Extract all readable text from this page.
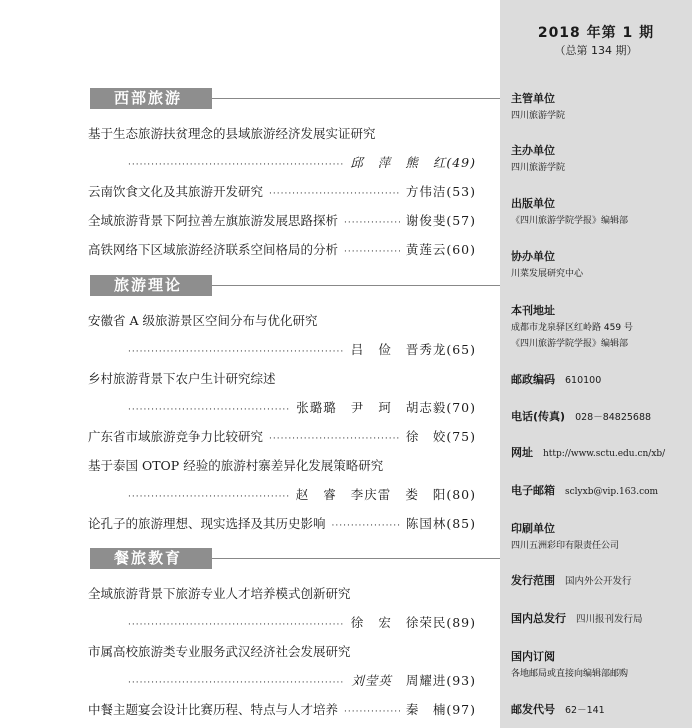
西部旅游
基于生态旅游扶贫理念的县域旅游经济发展实证研究
·····
邱 萍 熊 红(49)
云南饮食文化及其旅游开发研究 ·····	方伟洁(53)
全域旅游背景下阿拉善左旗旅游发展思路探析 ·····	谢俊斐(57)
高铁网络下区域旅游经济联系空间格局的分析 ·····	黄莲云(60)
旅游理论
安徽省 A 级旅游景区空间分布与优化研究
·····
吕 俭 晋秀龙(65)
乡村旅游背景下农户生计研究综述
·····
张璐璐 尹 珂 胡志毅(70)
广东省市域旅游竞争力比较研究 ·····	徐　姣(75)
基于泰国 OTOP 经验的旅游村寨差异化发展策略研究
·····
赵 睿 李庆雷 娄 阳(80)
论孔子的旅游理想、现实选择及其历史影响 ·····	陈国林(85)
餐旅教育
全域旅游背景下旅游专业人才培养模式创新研究
·····
徐 宏 徐荣民(89)
市属高校旅游类专业服务武汉经济社会发展研究
·····
刘莹英 周耀进(93)
中餐主题宴会设计比赛历程、特点与人才培养 ·····	秦　楠(97)
2018 年第 1 期
（总第 134 期）
主管单位
四川旅游学院
主办单位
四川旅游学院
出版单位
《四川旅游学院学报》编辑部
协办单位
川菜发展研究中心
本刊地址
成都市龙泉驿区红岭路 459 号
《四川旅游学院学报》编辑部
邮政编码 610100
电话(传真) 028－84825688
网址 http://www.sctu.edu.cn/xb/
电子邮箱 sclyxb@vip.163.com
印刷单位
四川五洲彩印有限责任公司
发行范围 国内外公开发行
国内总发行 四川报刊发行局
国内订阅
各地邮局或直接向编辑部邮购
邮发代号 62－141
